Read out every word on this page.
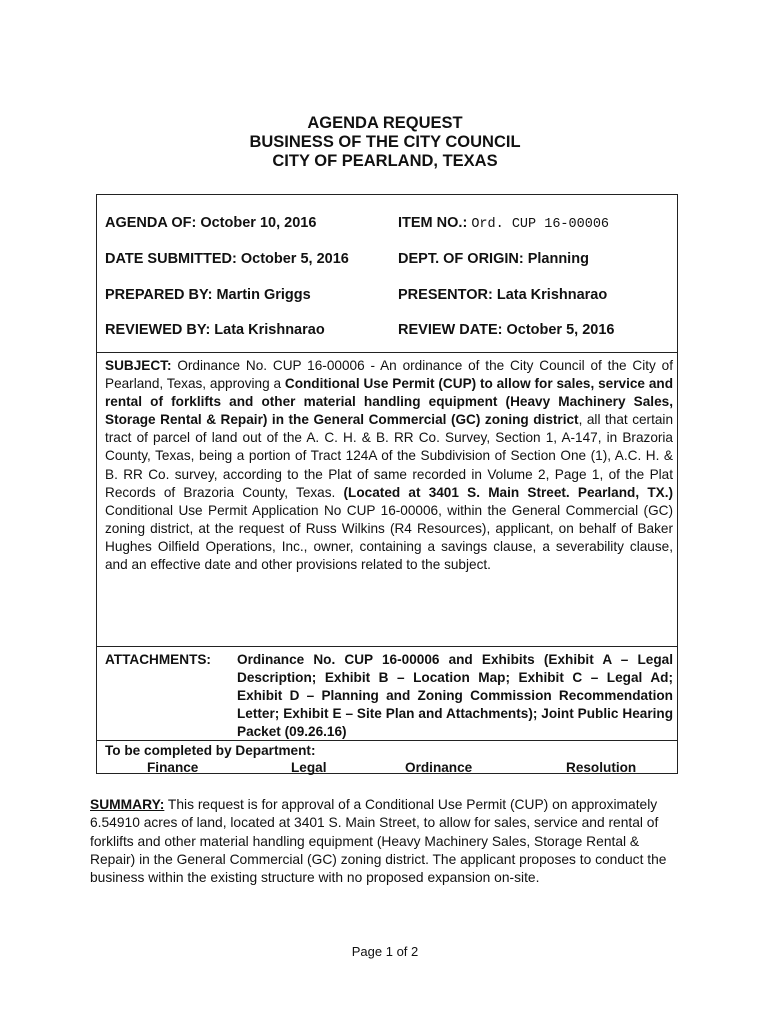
AGENDA REQUEST
BUSINESS OF THE CITY COUNCIL
CITY OF PEARLAND, TEXAS
AGENDA OF: October 10, 2016	ITEM NO.: Ord. CUP 16-00006
DATE SUBMITTED: October 5, 2016	DEPT. OF ORIGIN: Planning
PREPARED BY: Martin Griggs	PRESENTOR: Lata Krishnarao
REVIEWED BY: Lata Krishnarao	REVIEW DATE: October 5, 2016
SUBJECT: Ordinance No. CUP 16-00006 - An ordinance of the City Council of the City of Pearland, Texas, approving a Conditional Use Permit (CUP) to allow for sales, service and rental of forklifts and other material handling equipment (Heavy Machinery Sales, Storage Rental & Repair) in the General Commercial (GC) zoning district, all that certain tract of parcel of land out of the A. C. H. & B. RR Co. Survey, Section 1, A-147, in Brazoria County, Texas, being a portion of Tract 124A of the Subdivision of Section One (1), A.C. H. & B. RR Co. survey, according to the Plat of same recorded in Volume 2, Page 1, of the Plat Records of Brazoria County, Texas. (Located at 3401 S. Main Street. Pearland, TX.) Conditional Use Permit Application No CUP 16-00006, within the General Commercial (GC) zoning district, at the request of Russ Wilkins (R4 Resources), applicant, on behalf of Baker Hughes Oilfield Operations, Inc., owner, containing a savings clause, a severability clause, and an effective date and other provisions related to the subject.
ATTACHMENTS: Ordinance No. CUP 16-00006 and Exhibits (Exhibit A – Legal Description; Exhibit B – Location Map; Exhibit C – Legal Ad; Exhibit D – Planning and Zoning Commission Recommendation Letter; Exhibit E – Site Plan and Attachments); Joint Public Hearing Packet (09.26.16)
To be completed by Department:
Finance	Legal	Ordinance	Resolution
SUMMARY: This request is for approval of a Conditional Use Permit (CUP) on approximately 6.54910 acres of land, located at 3401 S. Main Street, to allow for sales, service and rental of forklifts and other material handling equipment (Heavy Machinery Sales, Storage Rental & Repair) in the General Commercial (GC) zoning district. The applicant proposes to conduct the business within the existing structure with no proposed expansion on-site.
Page 1 of 2
